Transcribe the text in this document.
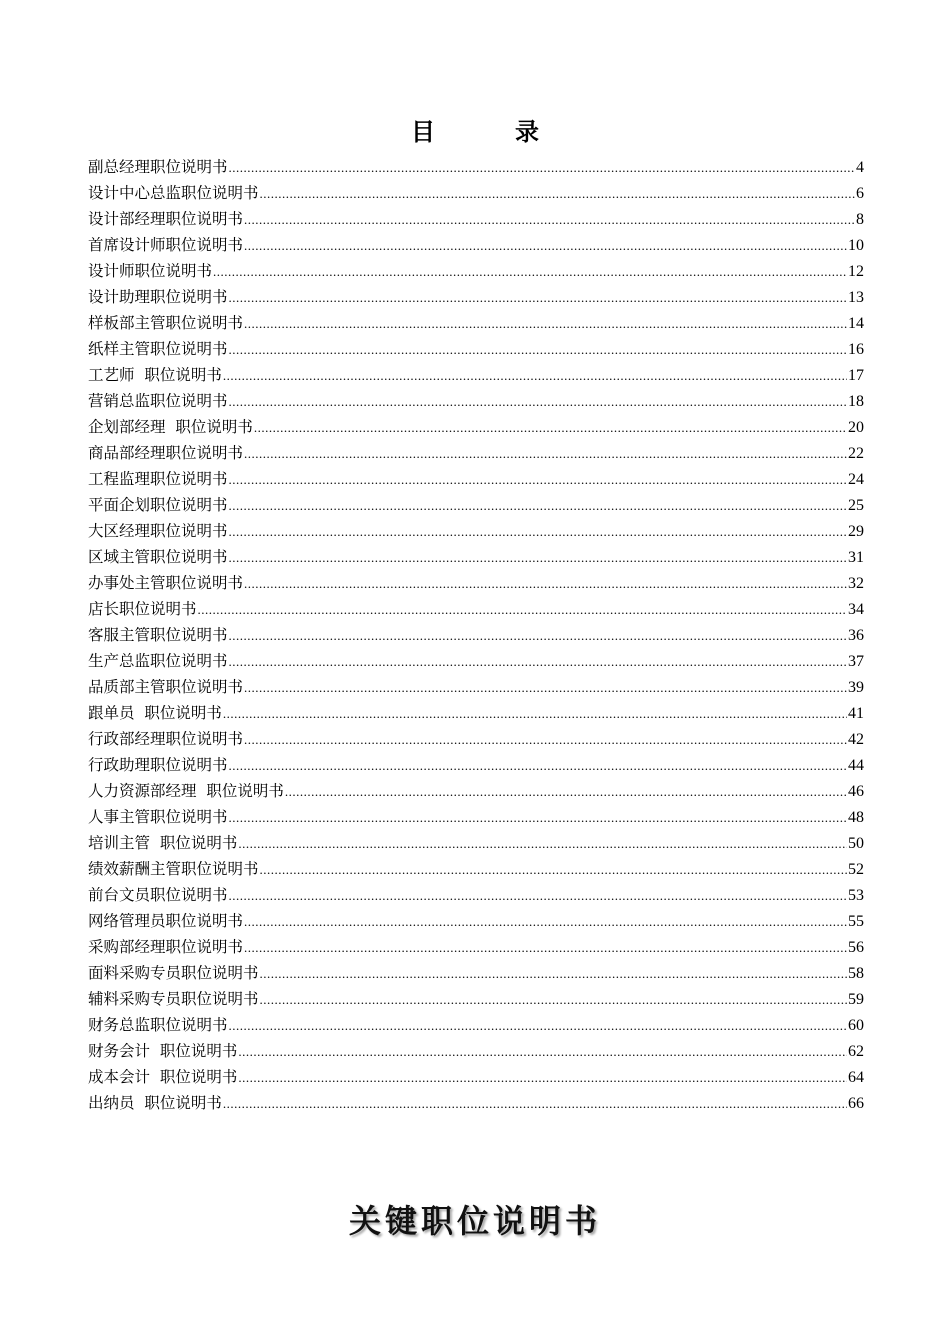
目	录
副总经理职位说明书 .....	4
设计中心总监职位说明书 .....	6
设计部经理职位说明书 .....	8
首席设计师职位说明书 .....	10
设计师职位说明书 .....	12
设计助理职位说明书 .....	13
样板部主管职位说明书 .....	14
纸样主管职位说明书 .....	16
工艺师  职位说明书 .....	17
营销总监职位说明书 .....	18
企划部经理  职位说明书 .....	20
商品部经理职位说明书 .....	22
工程监理职位说明书 .....	24
平面企划职位说明书 .....	25
大区经理职位说明书 .....	29
区域主管职位说明书 .....	31
办事处主管职位说明书 .....	32
店长职位说明书 .....	34
客服主管职位说明书 .....	36
生产总监职位说明书 .....	37
品质部主管职位说明书 .....	39
跟单员  职位说明书 .....	41
行政部经理职位说明书 .....	42
行政助理职位说明书 .....	44
人力资源部经理  职位说明书 .....	46
人事主管职位说明书 .....	48
培训主管  职位说明书 .....	50
绩效薪酬主管职位说明书 .....	52
前台文员职位说明书 .....	53
网络管理员职位说明书 .....	55
采购部经理职位说明书 .....	56
面料采购专员职位说明书 .....	58
辅料采购专员职位说明书 .....	59
财务总监职位说明书 .....	60
财务会计  职位说明书 .....	62
成本会计  职位说明书 .....	64
出纳员  职位说明书 .....	66
关键职位说明书
